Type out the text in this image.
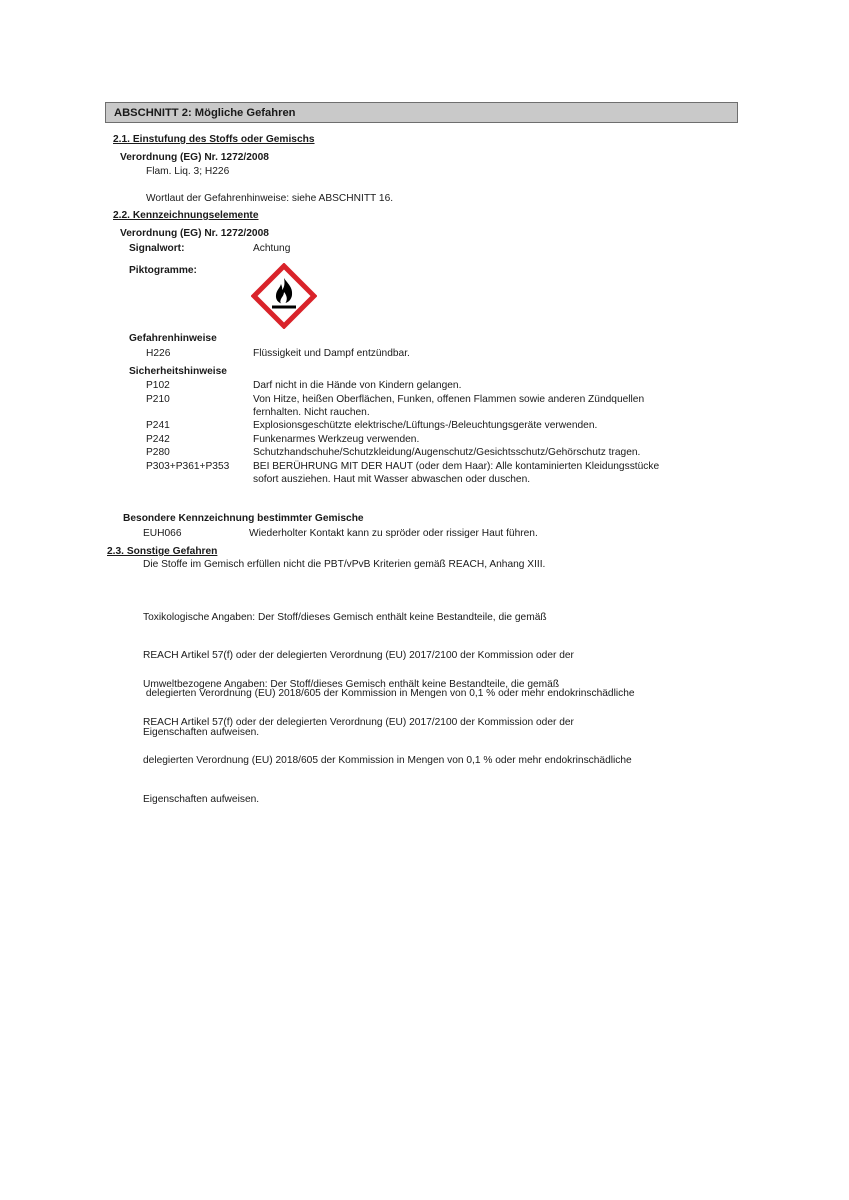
ABSCHNITT 2: Mögliche Gefahren
2.1. Einstufung des Stoffs oder Gemischs
Verordnung (EG) Nr. 1272/2008
Flam. Liq. 3; H226
Wortlaut der Gefahrenhinweise: siehe ABSCHNITT 16.
2.2. Kennzeichnungselemente
Verordnung (EG) Nr. 1272/2008
Signalwort:	Achtung
Piktogramme:
Gefahrenhinweise
H226	Flüssigkeit und Dampf entzündbar.
Sicherheitshinweise
P102	Darf nicht in die Hände von Kindern gelangen.
P210	Von Hitze, heißen Oberflächen, Funken, offenen Flammen sowie anderen Zündquellen
fernhalten. Nicht rauchen.
P241	Explosionsgeschützte elektrische/Lüftungs-/Beleuchtungsgeräte verwenden.
P242	Funkenarmes Werkzeug verwenden.
P280	Schutzhandschuhe/Schutzkleidung/Augenschutz/Gesichtsschutz/Gehörschutz tragen.
P303+P361+P353 BEI BERÜHRUNG MIT DER HAUT (oder dem Haar): Alle kontaminierten Kleidungsstücke
sofort ausziehen. Haut mit Wasser abwaschen oder duschen.
Besondere Kennzeichnung bestimmter Gemische
EUH066	Wiederholter Kontakt kann zu spröder oder rissiger Haut führen.
2.3. Sonstige Gefahren
Die Stoffe im Gemisch erfüllen nicht die PBT/vPvB Kriterien gemäß REACH, Anhang XIII.

Toxikologische Angaben: Der Stoff/dieses Gemisch enthält keine Bestandteile, die gemäß

REACH Artikel 57(f) oder der delegierten Verordnung (EU) 2017/2100 der Kommission oder der

delegierten Verordnung (EU) 2018/605 der Kommission in Mengen von 0,1 % oder mehr endokrinschädliche

Eigenschaften aufweisen.

Umweltbezogene Angaben: Der Stoff/dieses Gemisch enthält keine Bestandteile, die gemäß

REACH Artikel 57(f) oder der delegierten Verordnung (EU) 2017/2100 der Kommission oder der

delegierten Verordnung (EU) 2018/605 der Kommission in Mengen von 0,1 % oder mehr endokrinschädliche

Eigenschaften aufweisen.
